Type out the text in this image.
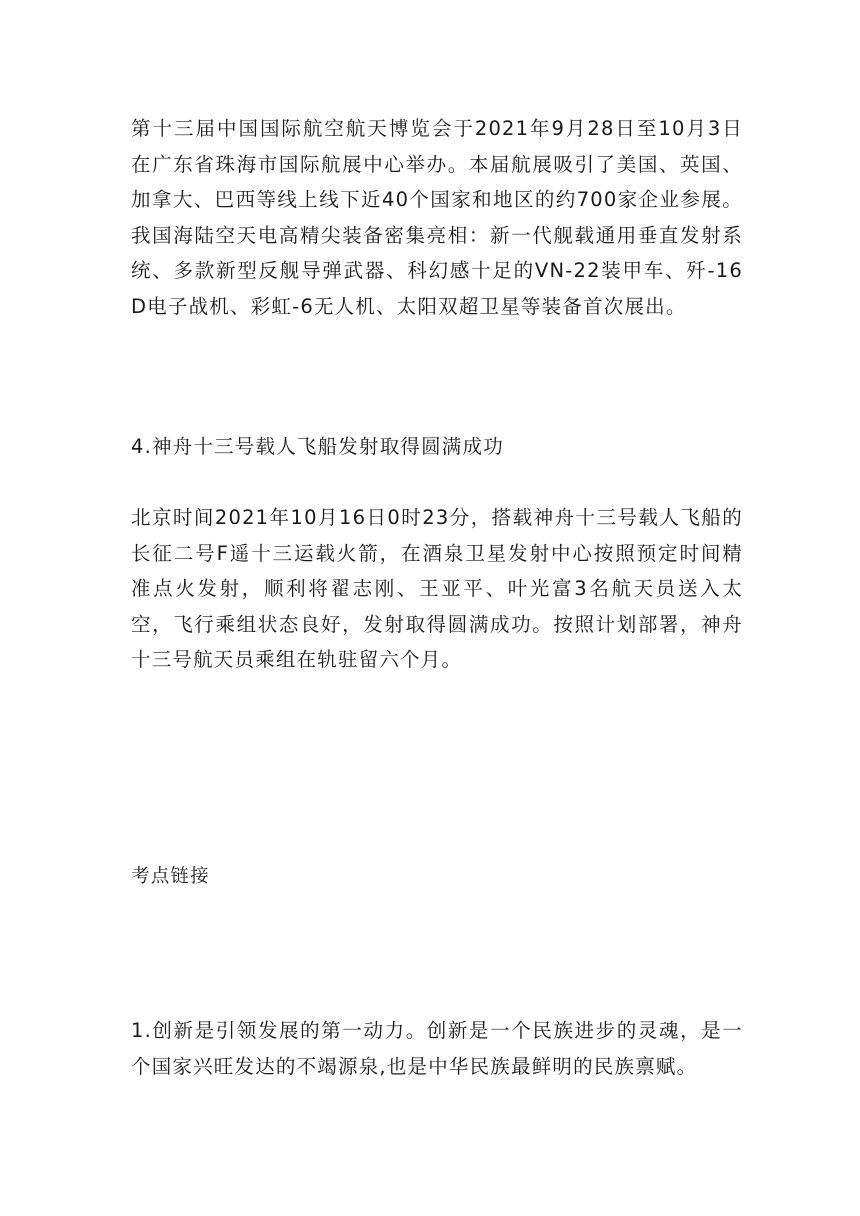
第十三届中国国际航空航天博览会于2021年9月28日至10月3日在广东省珠海市国际航展中心举办。本届航展吸引了美国、英国、加拿大、巴西等线上线下近40个国家和地区的约700家企业参展。我国海陆空天电高精尖装备密集亮相：新一代舰载通用垂直发射系统、多款新型反舰导弹武器、科幻感十足的VN-22装甲车、歼-16D电子战机、彩虹-6无人机、太阳双超卫星等装备首次展出。

4.神舟十三号载人飞船发射取得圆满成功

北京时间2021年10月16日0时23分，搭载神舟十三号载人飞船的长征二号F遥十三运载火箭，在酒泉卫星发射中心按照预定时间精准点火发射，顺利将翟志刚、王亚平、叶光富3名航天员送入太空，飞行乘组状态良好，发射取得圆满成功。按照计划部署，神舟十三号航天员乘组在轨驻留六个月。

考点链接

1.创新是引领发展的第一动力。创新是一个民族进步的灵魂，是一个国家兴旺发达的不竭源泉,也是中华民族最鲜明的民族禀赋。
